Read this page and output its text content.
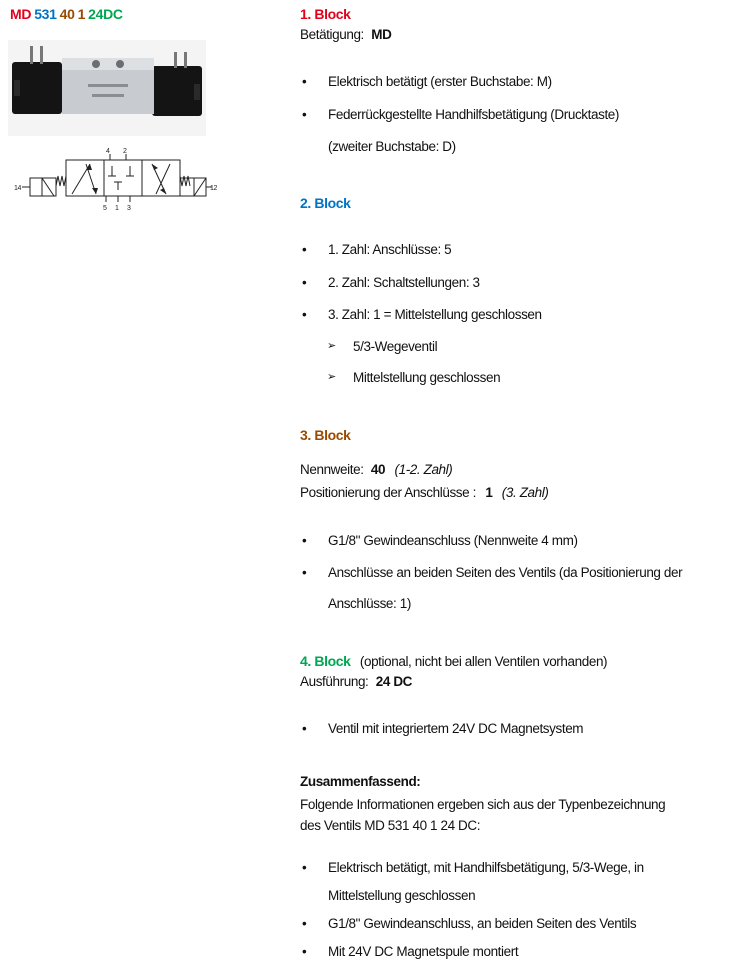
MD 531 40 1 24DC
4 2
5 1 3
14	12
1. Block
Betätigung: MD
• Elektrisch betätigt (erster Buchstabe: M)
• Federrückgestellte Handhilfsbetätigung (Drucktaste)
(zweiter Buchstabe: D)
2. Block
• 1. Zahl: Anschlüsse: 5
• 2. Zahl: Schaltstellungen: 3
• 3. Zahl: 1 = Mittelstellung geschlossen
➢ 5/3-Wegeventil
➢ Mittelstellung geschlossen
3. Block
Nennweite: 40 (1-2. Zahl)
Positionierung der Anschlüsse : 1 (3. Zahl)
• G1/8" Gewindeanschluss (Nennweite 4 mm)
• Anschlüsse an beiden Seiten des Ventils (da Positionierung der
Anschlüsse: 1)
4. Block (optional, nicht bei allen Ventilen vorhanden)
Ausführung: 24 DC
• Ventil mit integriertem 24V DC Magnetsystem
Zusammenfassend:
Folgende Informationen ergeben sich aus der Typenbezeichnung
des Ventils MD 531 40 1 24 DC:
• Elektrisch betätigt, mit Handhilfsbetätigung, 5/3-Wege, in
Mittelstellung geschlossen
• G1/8" Gewindeanschluss, an beiden Seiten des Ventils
• Mit 24V DC Magnetspule montiert
